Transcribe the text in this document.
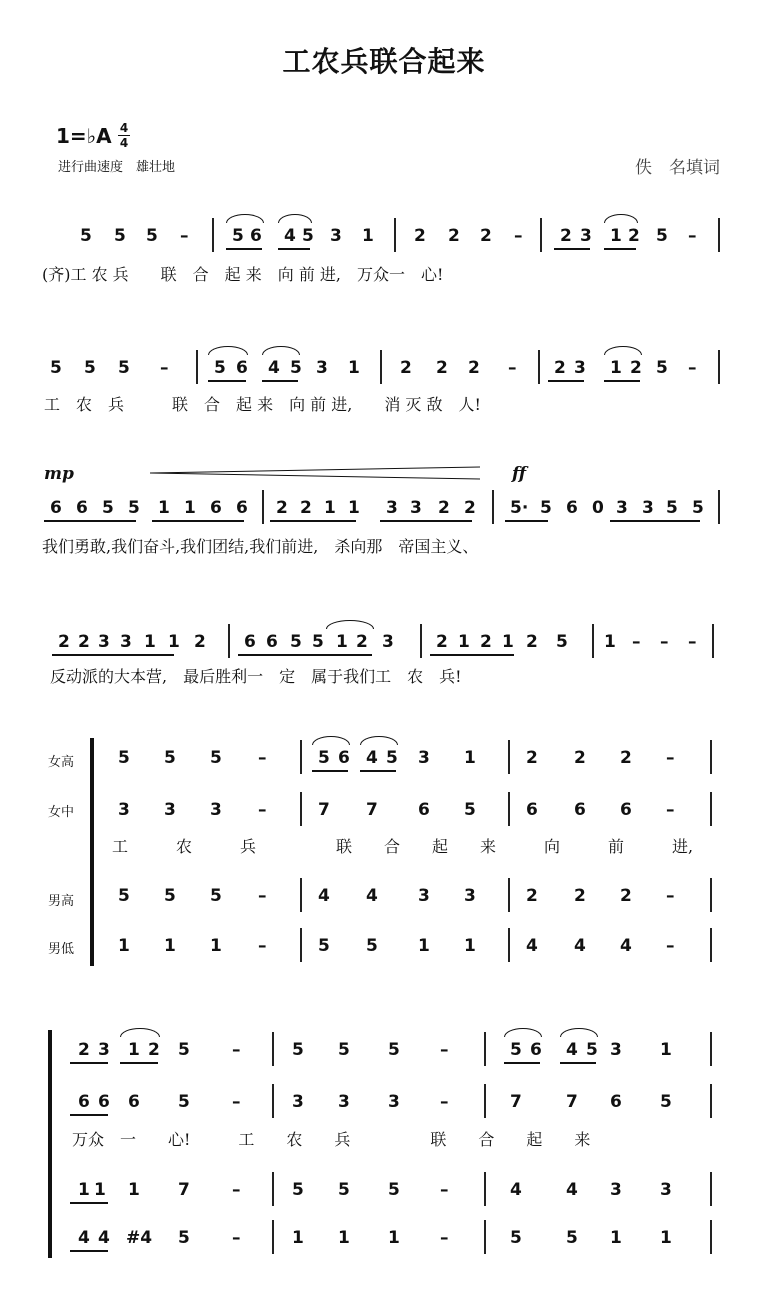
工农兵联合起来
1=♭A 4
4
进行曲速度　雄壮地	佚　名填词
5 5 5 –	5 6 4 5 3 1 2 2 2 – 2 3 1 2 5 –
5 5 5 –	5 6 4 5 3 1 2 2 2 – 2 3 1 2 5 –
6 6 5 5 1 1 6 6 2 2 1 1 3 3 2 2 5· 5 6 0 3 3 5 5
2 2 3 3 1 1 2 6 6 5 5 1 2 3 2 1 2 1 2 5 1 – – –
5 5 5 –	5 6 4 5 3 1	2 2 2 –
3 3 3 –	7 7 6 5	6 6 6 –
5 5 5 –	4 4 3 3	2 2 2 –
1 1 1 –	5 5 1 1	4 4 4 –
2 3 1 2 5 –	5 5 5 –	5 6 4 5 3 1
6 6 6 5 –	3 3 3 –	7	7 6 5
1 1 1 7 –	5 5 5 –	4	4 3 3
4 4 #4 5 –	1 1 1 –	5	5 1 1
mp	ff
(齐)工 农 兵　　联　合　起 来　向 前 进,　万众一　心!
工　农　兵　　　联　合　起 来　向 前 进,　　消 灭 敌　人!
我们勇敢,我们奋斗,我们团结,我们前进,　杀向那　帝国主义、
反动派的大本营,　最后胜利一　定　属于我们工　农　兵!
工　　　农　　　兵　　　　　联　　合　　起　　来　　　向　　　前　　　进,
万众　一　　心!　　　工　　农　　兵　　　　　联　　合　　起　　来
女高
女中
男高
男低
